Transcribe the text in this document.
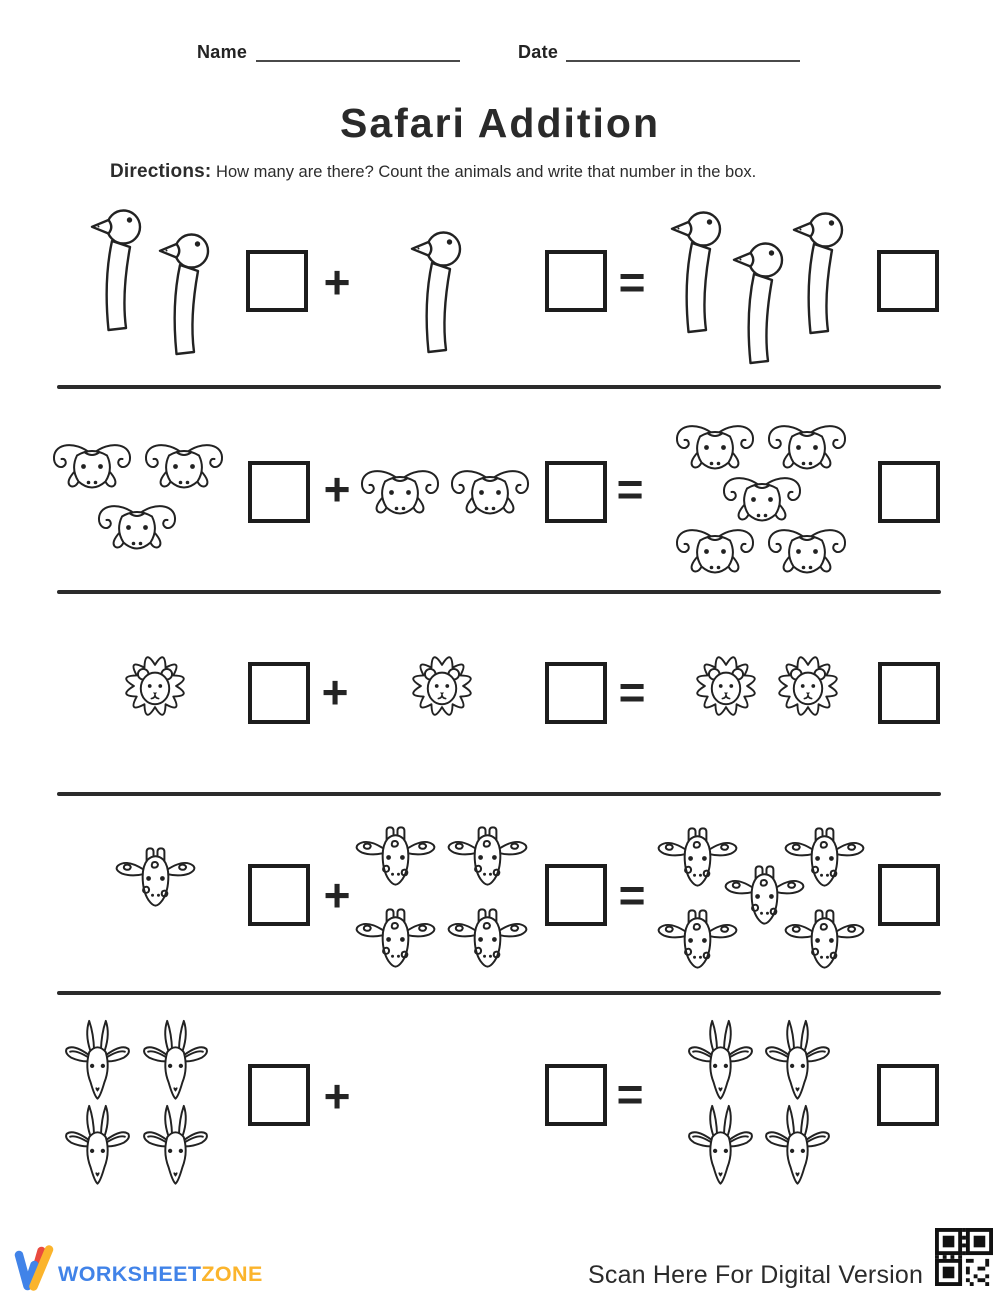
Name	Date
Safari Addition
Directions: How many are there? Count the animals and write that number in the box.
+	=
+	=
+	=
+	=
+	=
WORKSHEETZONE	Scan Here For Digital Version
